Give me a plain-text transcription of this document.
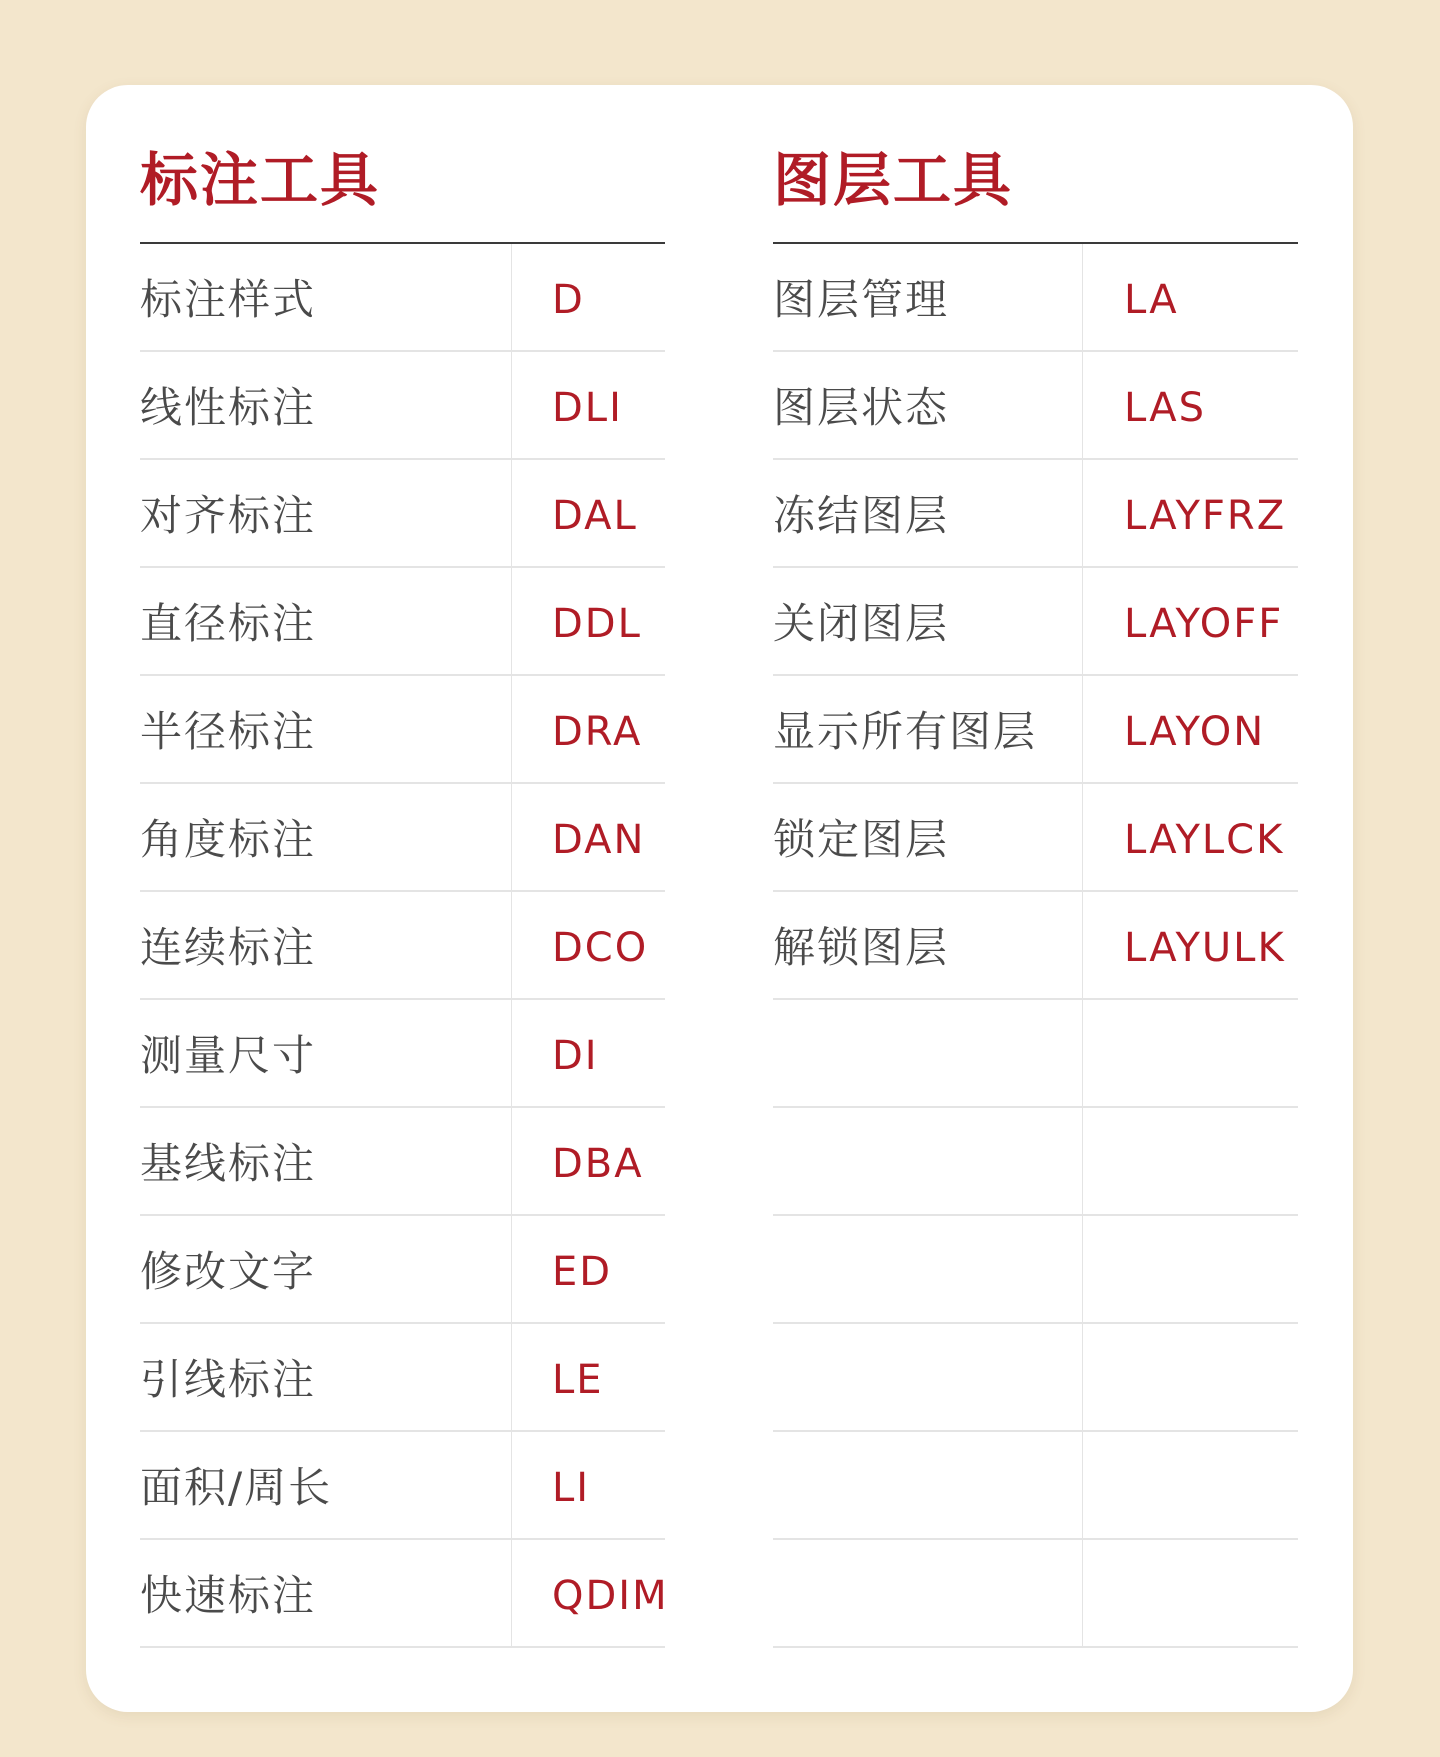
标注工具
标注样式	D
线性标注	DLI
对齐标注	DAL
直径标注	DDL
半径标注	DRA
角度标注	DAN
连续标注	DCO
测量尺寸	DI
基线标注	DBA
修改文字	ED
引线标注	LE
面积/周长	LI
快速标注	QDIM
图层工具
图层管理	LA
图层状态	LAS
冻结图层	LAYFRZ
关闭图层	LAYOFF
显示所有图层 LAYON
锁定图层	LAYLCK
解锁图层	LAYULK
